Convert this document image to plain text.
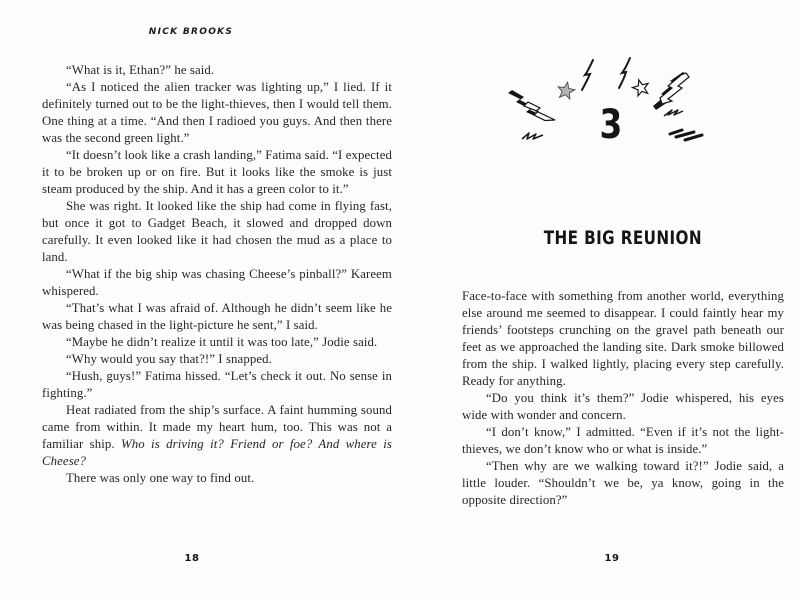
NICK BROOKS

“What is it, Ethan?” he said.

“As I noticed the alien tracker was lighting up,” I lied. If it definitely turned out to be the light-thieves, then I would tell them. One thing at a time. “And then I radioed you guys. And then there was the second green light.”

“It doesn’t look like a crash landing,” Fatima said. “I expected it to be broken up or on fire. But it looks like the smoke is just steam produced by the ship. And it has a green color to it.”

She was right. It looked like the ship had come in flying fast, but once it got to Gadget Beach, it slowed and dropped down carefully. It even looked like it had chosen the mud as a place to land.

“What if the big ship was chasing Cheese’s pinball?” Kareem whispered.

“That’s what I was afraid of. Although he didn’t seem like he was being chased in the light-picture he sent,” I said.

“Maybe he didn’t realize it until it was too late,” Jodie said.

“Why would you say that?!” I snapped.

“Hush, guys!” Fatima hissed. “Let’s check it out. No sense in fighting.”

Heat radiated from the ship’s surface. A faint humming sound came from within. It made my heart hum, too. This was not a familiar ship. Who is driving it? Friend or foe? And where is Cheese?

There was only one way to find out.

18
3
THE BIG REUNION

Face-to-face with something from another world, everything else around me seemed to disappear. I could faintly hear my friends’ footsteps crunching on the gravel path beneath our feet as we approached the landing site. Dark smoke billowed from the ship. I walked lightly, placing every step carefully. Ready for anything.

“Do you think it’s them?” Jodie whispered, his eyes wide with wonder and concern.

“I don’t know,” I admitted. “Even if it’s not the light-thieves, we don’t know who or what is inside.”

“Then why are we walking toward it?!” Jodie said, a little louder. “Shouldn’t we be, ya know, going in the opposite direction?”

19
